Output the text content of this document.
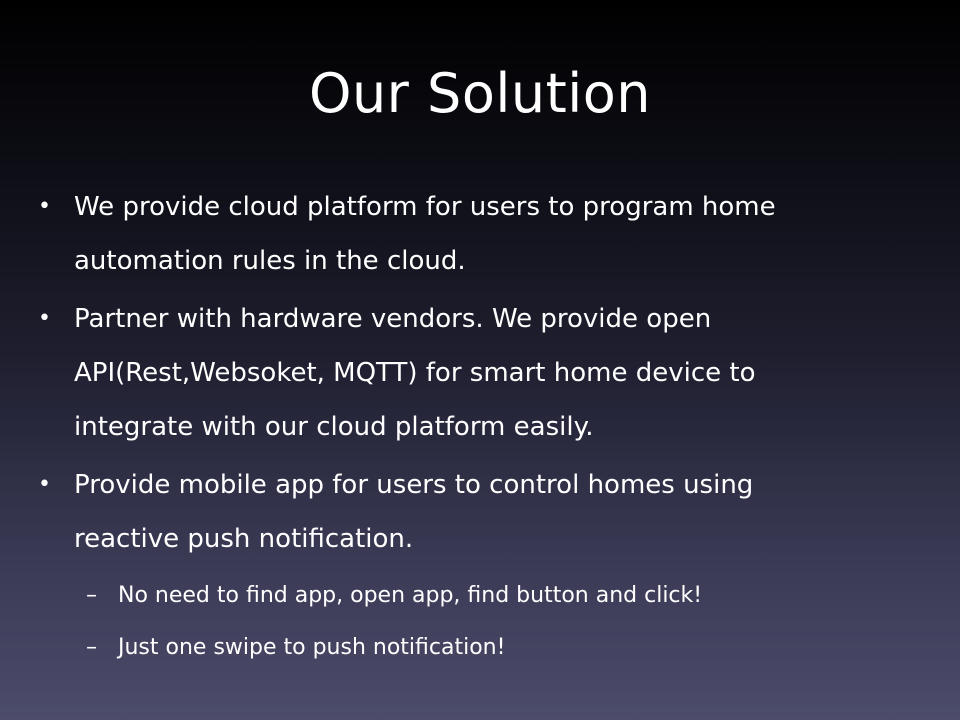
Our Solution
• We provide cloud platform for users to program home automation rules in the cloud.
• Partner with hardware vendors. We provide open API(Rest,Websoket, MQTT) for smart home device to integrate with our cloud platform easily.
• Provide mobile app for users to control homes using reactive push notification.
– No need to find app, open app, find button and click!
– Just one swipe to push notification!
